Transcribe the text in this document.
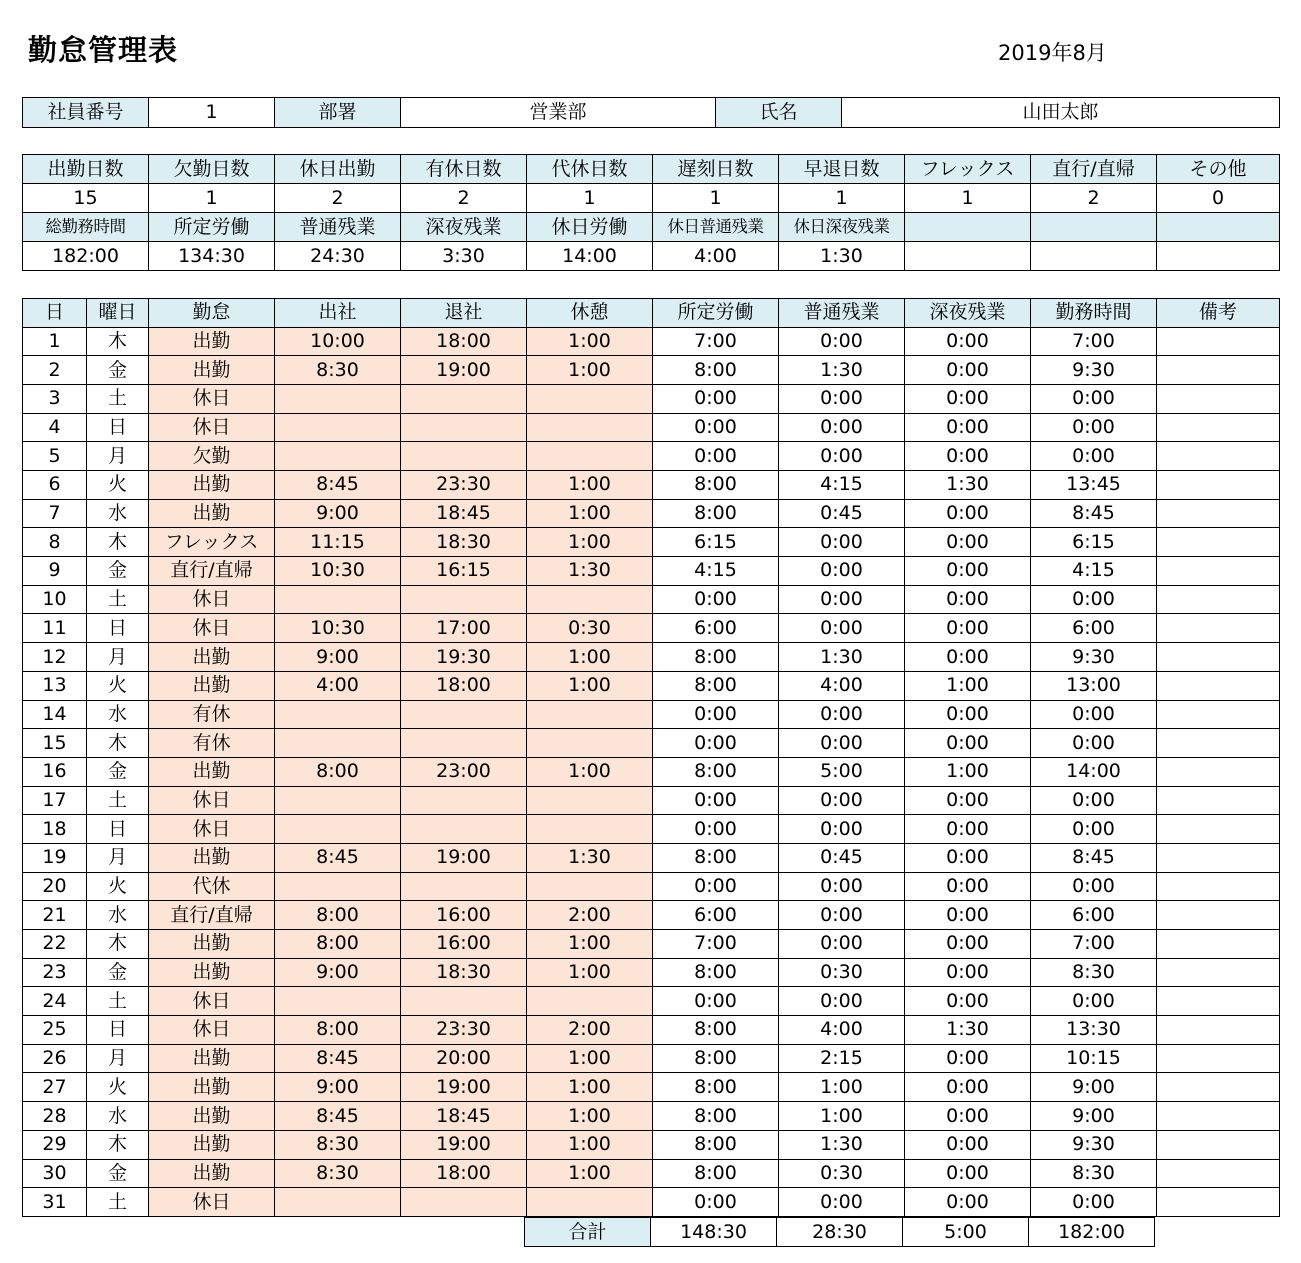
勤怠管理表	2019年8月
社員番号	1	部署	営業部	氏名	山田太郎
出勤日数	欠勤日数	休日出勤	有休日数	代休日数	遅刻日数	早退日数	フレックス	直行/直帰	その他
15	1	2	2	1	1	1	1	2	0
総勤務時間	所定労働	普通残業	深夜残業	休日労働	休日普通残業	休日深夜残業			
182:00	134:30	24:30	3:30	14:00	4:00	1:30			
日	曜日	勤怠	出社	退社	休憩	所定労働	普通残業	深夜残業	勤務時間	備考
1	木	出勤	10:00	18:00	1:00	7:00	0:00	0:00	7:00	
2	金	出勤	8:30	19:00	1:00	8:00	1:30	0:00	9:30	
3	土	休日				0:00	0:00	0:00	0:00	
4	日	休日				0:00	0:00	0:00	0:00	
5	月	欠勤				0:00	0:00	0:00	0:00	
6	火	出勤	8:45	23:30	1:00	8:00	4:15	1:30	13:45	
7	水	出勤	9:00	18:45	1:00	8:00	0:45	0:00	8:45	
8	木	フレックス	11:15	18:30	1:00	6:15	0:00	0:00	6:15	
9	金	直行/直帰	10:30	16:15	1:30	4:15	0:00	0:00	4:15	
10	土	休日				0:00	0:00	0:00	0:00	
11	日	休日	10:30	17:00	0:30	6:00	0:00	0:00	6:00	
12	月	出勤	9:00	19:30	1:00	8:00	1:30	0:00	9:30	
13	火	出勤	4:00	18:00	1:00	8:00	4:00	1:00	13:00	
14	水	有休				0:00	0:00	0:00	0:00	
15	木	有休				0:00	0:00	0:00	0:00	
16	金	出勤	8:00	23:00	1:00	8:00	5:00	1:00	14:00	
17	土	休日				0:00	0:00	0:00	0:00	
18	日	休日				0:00	0:00	0:00	0:00	
19	月	出勤	8:45	19:00	1:30	8:00	0:45	0:00	8:45	
20	火	代休				0:00	0:00	0:00	0:00	
21	水	直行/直帰	8:00	16:00	2:00	6:00	0:00	0:00	6:00	
22	木	出勤	8:00	16:00	1:00	7:00	0:00	0:00	7:00	
23	金	出勤	9:00	18:30	1:00	8:00	0:30	0:00	8:30	
24	土	休日				0:00	0:00	0:00	0:00	
25	日	休日	8:00	23:30	2:00	8:00	4:00	1:30	13:30	
26	月	出勤	8:45	20:00	1:00	8:00	2:15	0:00	10:15	
27	火	出勤	9:00	19:00	1:00	8:00	1:00	0:00	9:00	
28	水	出勤	8:45	18:45	1:00	8:00	1:00	0:00	9:00	
29	木	出勤	8:30	19:00	1:00	8:00	1:30	0:00	9:30	
30	金	出勤	8:30	18:00	1:00	8:00	0:30	0:00	8:30	
31	土	休日				0:00	0:00	0:00	0:00	
合計	148:30	28:30	5:00	182:00	
